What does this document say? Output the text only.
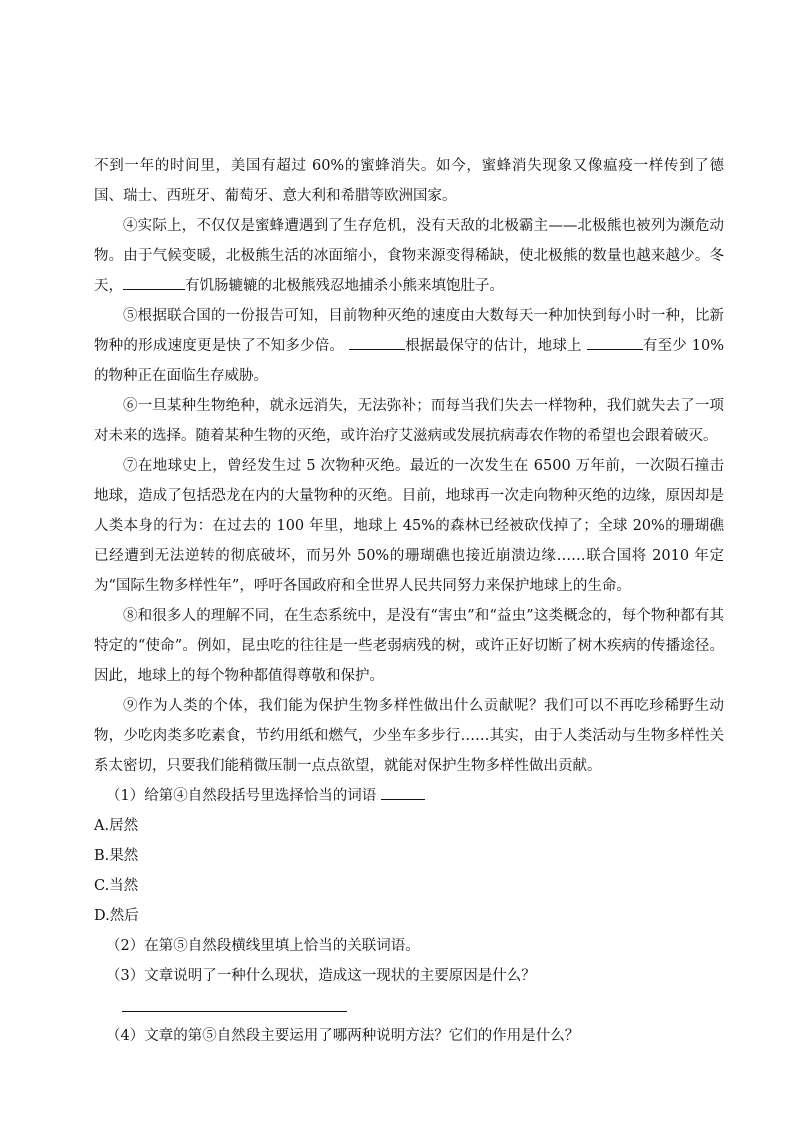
不到一年的时间里，美国有超过 60%的蜜蜂消失。如今，蜜蜂消失现象又像瘟疫一样传到了德国、瑞士、西班牙、葡萄牙、意大利和希腊等欧洲国家。

④实际上，不仅仅是蜜蜂遭遇到了生存危机，没有天敌的北极霸主——北极熊也被列为濒危动物。由于气候变暖，北极熊生活的冰面缩小，食物来源变得稀缺，使北极熊的数量也越来越少。冬天，	有饥肠辘辘的北极熊残忍地捕杀小熊来填饱肚子。

⑤根据联合国的一份报告可知，目前物种灭绝的速度由大数每天一种加快到每小时一种，比新物种的形成速度更是快了不知多少倍。	根据最保守的估计，地球上	有至少 10%的物种正在面临生存威胁。

⑥一旦某种生物绝种，就永远消失，无法弥补；而每当我们失去一样物种，我们就失去了一项对未来的选择。随着某种生物的灭绝，或许治疗艾滋病或发展抗病毒农作物的希望也会跟着破灭。

⑦在地球史上，曾经发生过 5 次物种灭绝。最近的一次发生在 6500 万年前，一次陨石撞击地球，造成了包括恐龙在内的大量物种的灭绝。目前，地球再一次走向物种灭绝的边缘，原因却是人类本身的行为：在过去的 100 年里，地球上 45%的森林已经被砍伐掉了；全球 20%的珊瑚礁已经遭到无法逆转的彻底破坏，而另外 50%的珊瑚礁也接近崩溃边缘……联合国将 2010 年定为“国际生物多样性年”，呼吁各国政府和全世界人民共同努力来保护地球上的生命。

⑧和很多人的理解不同，在生态系统中，是没有“害虫”和“益虫”这类概念的，每个物种都有其特定的“使命”。例如，昆虫吃的往往是一些老弱病残的树，或许正好切断了树木疾病的传播途径。因此，地球上的每个物种都值得尊敬和保护。

⑨作为人类的个体，我们能为保护生物多样性做出什么贡献呢？我们可以不再吃珍稀野生动物，少吃肉类多吃素食，节约用纸和燃气，少坐车多步行……其实，由于人类活动与生物多样性关系太密切，只要我们能稍微压制一点点欲望，就能对保护生物多样性做出贡献。

（1）给第④自然段括号里选择恰当的词语

A.居然

B.果然

C.当然

D.然后

（2）在第⑤自然段横线里填上恰当的关联词语。

（3）文章说明了一种什么现状，造成这一现状的主要原因是什么？

（4）文章的第⑤自然段主要运用了哪两种说明方法？它们的作用是什么？
